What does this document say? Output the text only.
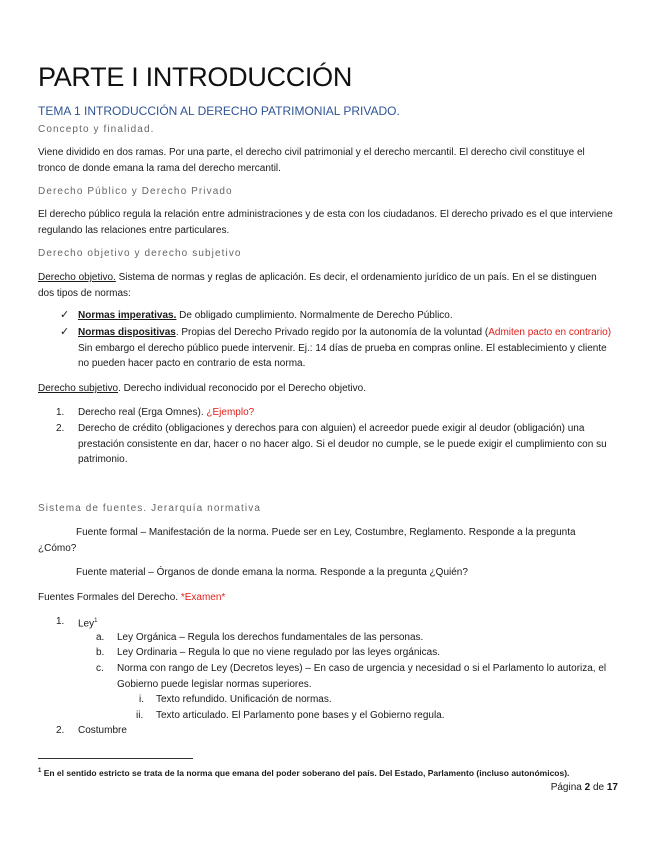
PARTE I INTRODUCCIÓN
TEMA 1 INTRODUCCIÓN AL DERECHO PATRIMONIAL PRIVADO.
Concepto y finalidad.
Viene dividido en dos ramas. Por una parte, el derecho civil patrimonial y el derecho mercantil. El derecho civil constituye el tronco de donde emana la rama del derecho mercantil.
Derecho Público y Derecho Privado
El derecho público regula la relación entre administraciones y de esta con los ciudadanos. El derecho privado es el que interviene regulando las relaciones entre particulares.
Derecho objetivo y derecho subjetivo
Derecho objetivo. Sistema de normas y reglas de aplicación. Es decir, el ordenamiento jurídico de un país. En el se distinguen dos tipos de normas:
✓ Normas imperativas. De obligado cumplimiento. Normalmente de Derecho Público.
✓ Normas dispositivas. Propias del Derecho Privado regido por la autonomía de la voluntad (Admiten pacto en contrario) Sin embargo el derecho público puede intervenir. Ej.: 14 días de prueba en compras online. El establecimiento y cliente no pueden hacer pacto en contrario de esta norma.
Derecho subjetivo. Derecho individual reconocido por el Derecho objetivo.
1. Derecho real (Erga Omnes). ¿Ejemplo?
2. Derecho de crédito (obligaciones y derechos para con alguien) el acreedor puede exigir al deudor (obligación) una prestación consistente en dar, hacer o no hacer algo. Si el deudor no cumple, se le puede exigir el cumplimiento con su patrimonio.
Sistema de fuentes. Jerarquía normativa
Fuente formal – Manifestación de la norma. Puede ser en Ley, Costumbre, Reglamento. Responde a la pregunta ¿Cómo?
Fuente material – Órganos de donde emana la norma. Responde a la pregunta ¿Quién?
Fuentes Formales del Derecho. *Examen*
1. Ley$^1$
a. Ley Orgánica – Regula los derechos fundamentales de las personas.
b. Ley Ordinaria – Regula lo que no viene regulado por las leyes orgánicas.
c. Norma con rango de Ley (Decretos leyes) – En caso de urgencia y necesidad o si el Parlamento lo autoriza, el Gobierno puede legislar normas superiores.
i. Texto refundido. Unificación de normas.
ii. Texto articulado. El Parlamento pone bases y el Gobierno regula.
2. Costumbre
$^1$ En el sentido estricto se trata de la norma que emana del poder soberano del país. Del Estado, Parlamento (incluso autonómicos).
Página 2 de 17
